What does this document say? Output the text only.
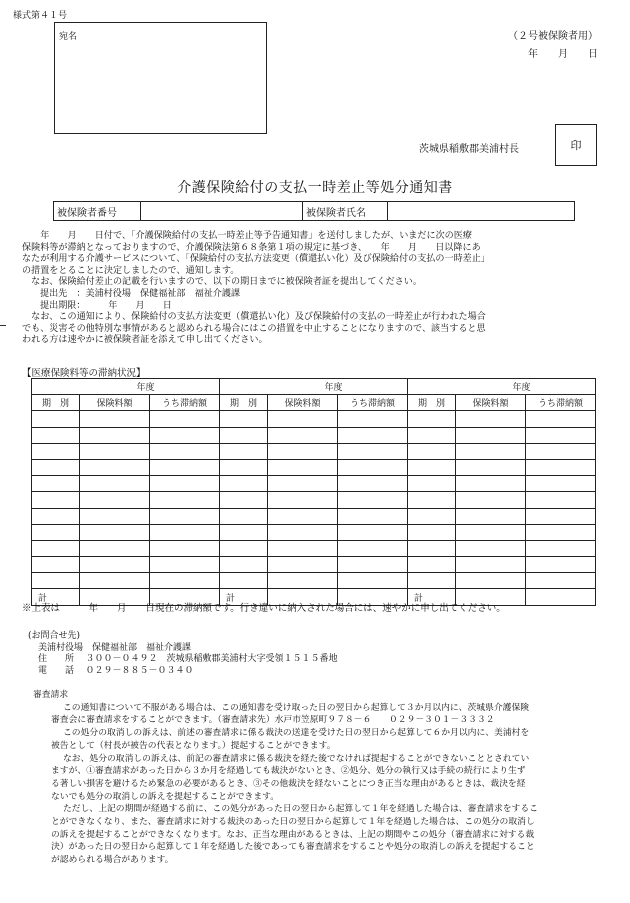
様式第４１号
（２号被保険者用）
年　　月　　日
宛名
茨城県稲敷郡美浦村長	印
介護保険給付の支払一時差止等処分通知書
被保険者番号		被保険者氏名	

　　年　　月　　日付で、「介護保険給付の支払一時差止等予告通知書」を送付しましたが、いまだに次の医療

保険料等が滞納となっておりますので、介護保険法第６８条第１項の規定に基づき、　　年　　月　　日以降にあ

なたが利用する介護サービスについて、「保険給付の支払方法変更（償還払い化）及び保険給付の支払の一時差止」

の措置をとることに決定しましたので、通知します。

　なお、保険給付差止の記載を行いますので、以下の期日までに被保険者証を提出してください。

提出先　：美浦村役場　保健福祉部　福祉介護課

提出期限：　　　年　　月　　日

　なお、この通知により、保険給付の支払方法変更（償還払い化）及び保険給付の支払の一時差止が行われた場合

でも、災害その他特別な事情があると認められる場合にはこの措置を中止することになりますので、該当すると思

われる方は速やかに被保険者証を添えて申し出てください。

【医療保険料等の滞納状況】
年度			年度			年度		
期　別	保険料額	うち滞納額	期　別	保険料額	うち滞納額	期　別	保険料額	うち滞納額

計			計			計		
※上表は　　　年　　月　　日現在の滞納額です。行き違いに納入された場合には、速やかに申し出てください。
(お問合せ先)
美浦村役場　保健福祉部　福祉介護課
住　　所 ３００－０４９２　茨城県稲敷郡美浦村大字受領１５１５番地
電　　話 ０２９－８８５－０３４０

審査請求

この通知書について不服がある場合は、この通知書を受け取った日の翌日から起算して３か月以内に、茨城県介護保険

審査会に審査請求をすることができます。（審査請求先）水戸市笠原町９７８－６　　０２９－３０１－３３３２

この処分の取消しの訴えは、前述の審査請求に係る裁決の送達を受けた日の翌日から起算して６か月以内に、美浦村を

被告として（村長が被告の代表となります。）提起することができます。

なお、処分の取消しの訴えは、前記の審査請求に係る裁決を経た後でなければ提起することができないこととされてい

ますが、①審査請求があった日から３か月を経過しても裁決がないとき、②処分、処分の執行又は手続の続行により生ず

る著しい損害を避けるため緊急の必要があるとき、③その他裁決を経ないことにつき正当な理由があるときは、裁決を経

ないでも処分の取消しの訴えを提起することができます。

ただし、上記の期間が経過する前に、この処分があった日の翌日から起算して１年を経過した場合は、審査請求をするこ

とができなくなり、また、審査請求に対する裁決のあった日の翌日から起算して１年を経過した場合は、この処分の取消し

の訴えを提起することができなくなります。なお、正当な理由があるときは、上記の期間やこの処分（審査請求に対する裁

決）があった日の翌日から起算して１年を経過した後であっても審査請求をすることや処分の取消しの訴えを提起すること

が認められる場合があります。
